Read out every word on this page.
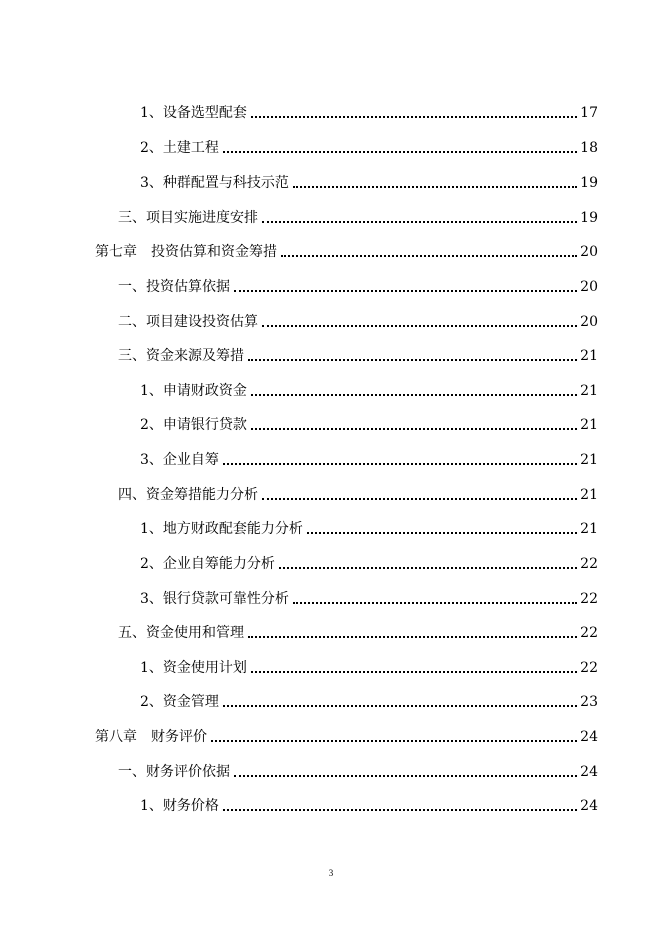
1、设备选型配套	17
2、土建工程	18
3、种群配置与科技示范	19
三、项目实施进度安排	19
第七章　投资估算和资金筹措	20
一、投资估算依据	20
二、项目建设投资估算	20
三、资金来源及筹措	21
1、申请财政资金	21
2、申请银行贷款	21
3、企业自筹	21
四、资金筹措能力分析	21
1、地方财政配套能力分析	21
2、企业自筹能力分析	22
3、银行贷款可靠性分析	22
五、资金使用和管理	22
1、资金使用计划	22
2、资金管理	23
第八章　财务评价	24
一、财务评价依据	24
1、财务价格	24
3
